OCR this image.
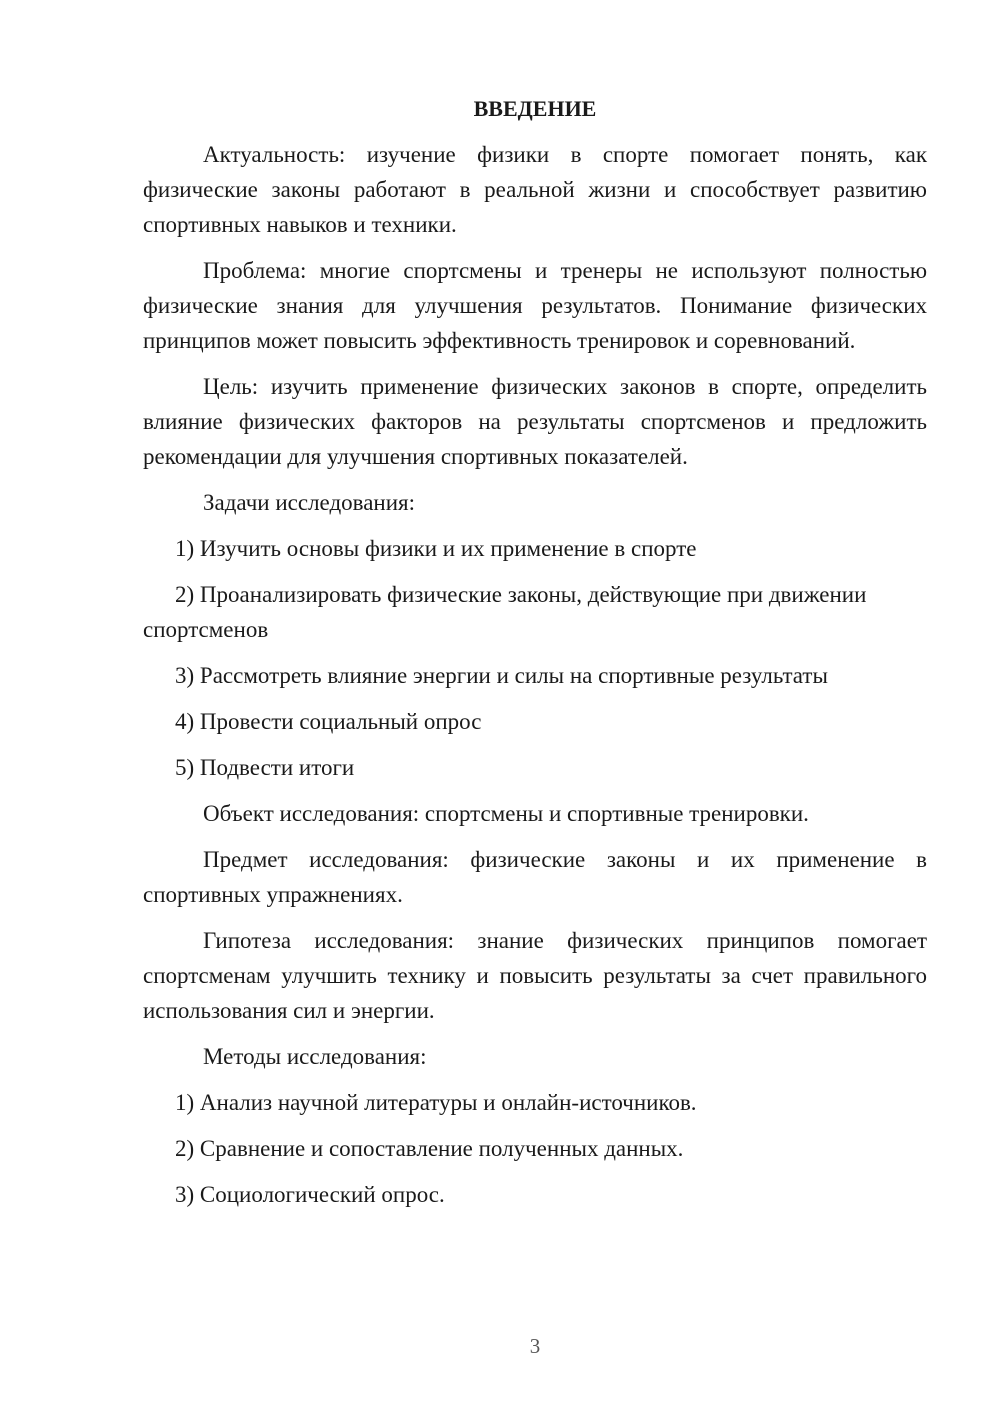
ВВЕДЕНИЕ
Актуальность: изучение физики в спорте помогает понять, как физические законы работают в реальной жизни и способствует развитию спортивных навыков и техники.
Проблема: многие спортсмены и тренеры не используют полностью физические знания для улучшения результатов. Понимание физических принципов может повысить эффективность тренировок и соревнований.
Цель: изучить применение физических законов в спорте, определить влияние физических факторов на результаты спортсменов и предложить рекомендации для улучшения спортивных показателей.
Задачи исследования:
1) Изучить основы физики и их применение в спорте
2) Проанализировать физические законы, действующие при движении спортсменов
3) Рассмотреть влияние энергии и силы на спортивные результаты
4) Провести социальный опрос
5) Подвести итоги
Объект исследования: спортсмены и спортивные тренировки.
Предмет исследования: физические законы и их применение в спортивных упражнениях.
Гипотеза исследования: знание физических принципов помогает спортсменам улучшить технику и повысить результаты за счет правильного использования сил и энергии.
Методы исследования:
1) Анализ научной литературы и онлайн-источников.
2) Сравнение и сопоставление полученных данных.
3) Социологический опрос.
3
